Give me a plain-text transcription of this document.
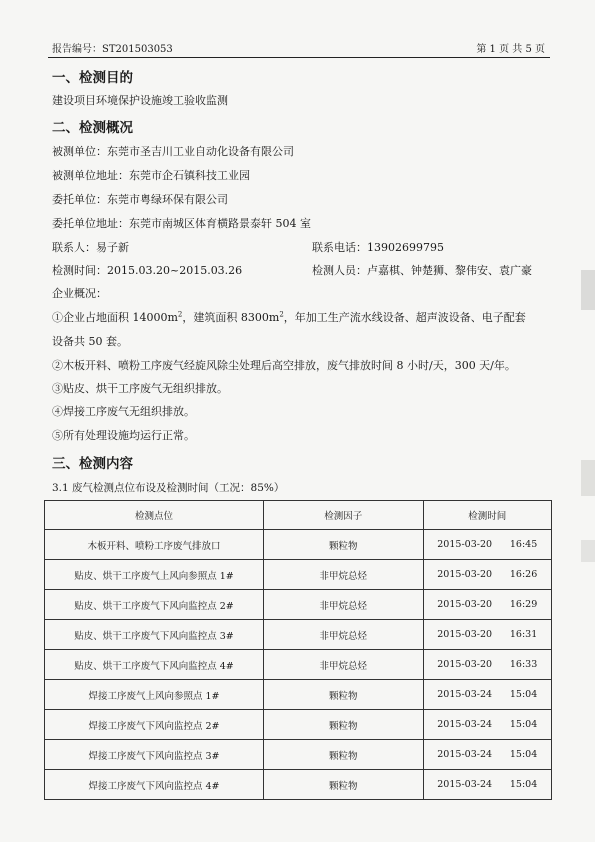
报告编号：ST201503053	第 1 页 共 5 页
一、检测目的
建设项目环境保护设施竣工验收监测
二、检测概况
被测单位：东莞市圣吉川工业自动化设备有限公司
被测单位地址：东莞市企石镇科技工业园
委托单位：东莞市粤绿环保有限公司
委托单位地址：东莞市南城区体育横路景泰轩 504 室
联系人：易子新	联系电话：13902699795
检测时间：2015.03.20~2015.03.26	检测人员：卢嘉棋、钟楚狮、黎伟安、袁广豪
企业概况：
①企业占地面积 $14000m^2$，建筑面积 $8300m^2$，年加工生产流水线设备、超声波设备、电子配套
设备共 50 套。
②木板开料、喷粉工序废气经旋风除尘处理后高空排放，废气排放时间 8 小时/天，300 天/年。
③贴皮、烘干工序废气无组织排放。
④焊接工序废气无组织排放。
⑤所有处理设施均运行正常。
三、检测内容
3.1 废气检测点位布设及检测时间（工况：85%）
检测点位	检测因子	检测时间
木板开料、喷粉工序废气排放口	颗粒物	2015-03-20 16:45
贴皮、烘干工序废气上风向参照点 1#	非甲烷总烃	2015-03-20 16:26
贴皮、烘干工序废气下风向监控点 2#	非甲烷总烃	2015-03-20 16:29
贴皮、烘干工序废气下风向监控点 3#	非甲烷总烃	2015-03-20 16:31
贴皮、烘干工序废气下风向监控点 4#	非甲烷总烃	2015-03-20 16:33
焊接工序废气上风向参照点 1#	颗粒物	2015-03-24 15:04
焊接工序废气下风向监控点 2#	颗粒物	2015-03-24 15:04
焊接工序废气下风向监控点 3#	颗粒物	2015-03-24 15:04
焊接工序废气下风向监控点 4#	颗粒物	2015-03-24 15:04
